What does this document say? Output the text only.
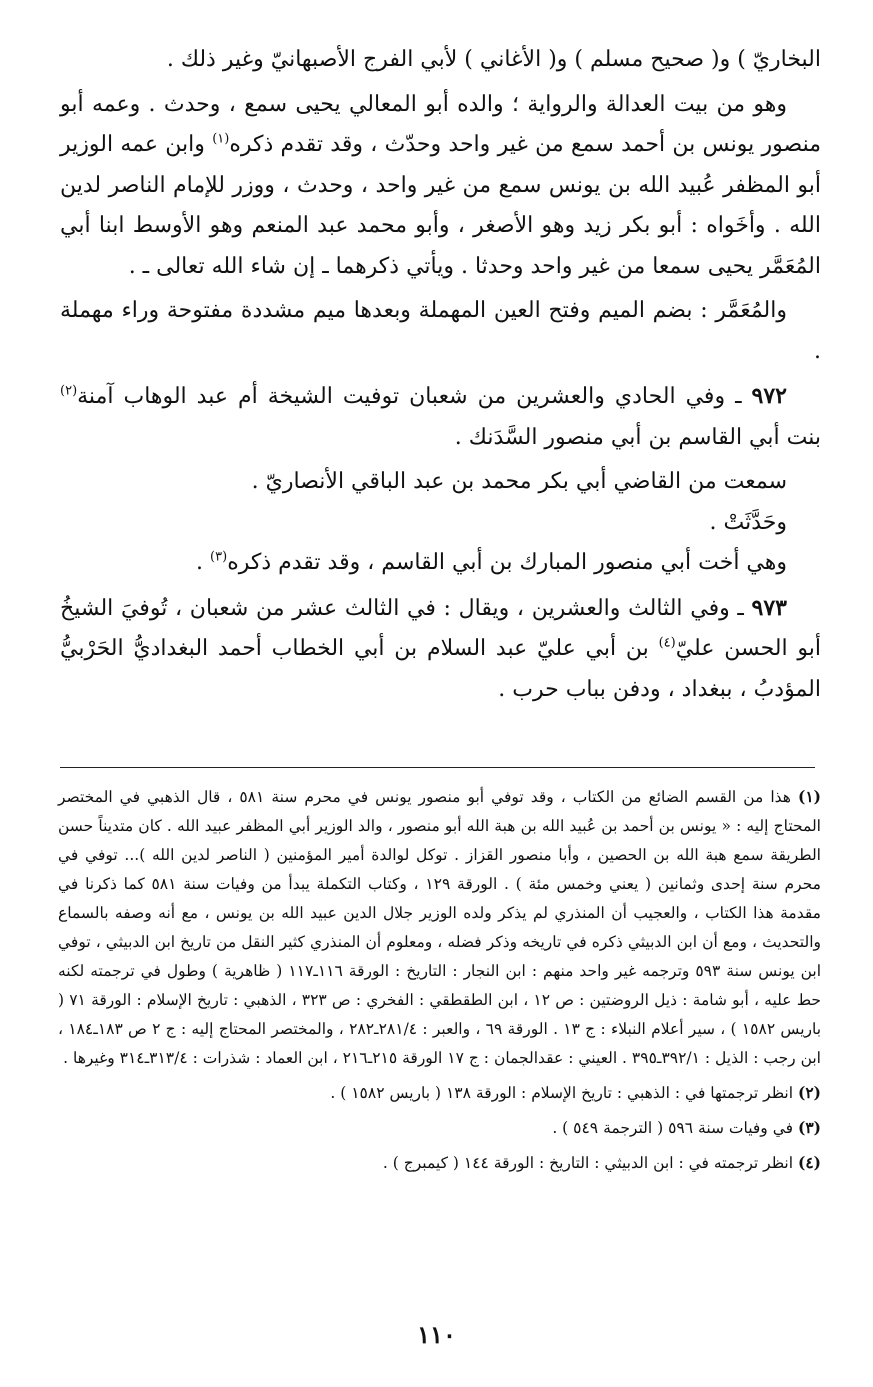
البخاريّ ) و( صحيح مسلم ) و( الأغاني ) لأبي الفرج الأصبهانيّ وغير ذلك .

وهو من بيت العدالة والرواية ؛ والده أبو المعالي يحيى سمع ، وحدث . وعمه أبو منصور يونس بن أحمد سمع من غير واحد وحدّث ، وقد تقدم ذكره$^{(١)}$ وابن عمه الوزير أبو المظفر عُبيد الله بن يونس سمع من غير واحد ، وحدث ، ووزر للإمام الناصر لدين الله . وأخَواه : أبو بكر زيد وهو الأصغر ، وأبو محمد عبد المنعم وهو الأوسط ابنا أبي المُعَمَّر يحيى سمعا من غير واحد وحدثا . ويأتي ذكرهما ـ إن شاء الله تعالى ـ .

والمُعَمَّر : بضم الميم وفتح العين المهملة وبعدها ميم مشددة مفتوحة وراء مهملة .

٩٧٢ ـ وفي الحادي والعشرين من شعبان توفيت الشيخة أم عبد الوهاب آمنة$^{(٢)}$ بنت أبي القاسم بن أبي منصور السَّدَنك .

سمعت من القاضي أبي بكر محمد بن عبد الباقي الأنصاريّ .

وحَدَّثَتْ .

وهي أخت أبي منصور المبارك بن أبي القاسم ، وقد تقدم ذكره$^{(٣)}$ .

٩٧٣ ـ وفي الثالث والعشرين ، ويقال : في الثالث عشر من شعبان ، تُوفيَ الشيخُ أبو الحسن عليّ$^{(٤)}$ بن أبي عليّ عبد السلام بن أبي الخطاب أحمد البغداديُّ الحَرْبيُّ المؤدبُ ، ببغداد ، ودفن بباب حرب .

(١) هذا من القسم الضائع من الكتاب ، وقد توفي أبو منصور يونس في محرم سنة ٥٨١ ، قال الذهبي في المختصر المحتاج إليه : « يونس بن أحمد بن عُبيد الله بن هبة الله أبو منصور ، والد الوزير أبي المظفر عبيد الله . كان متديناً حسن الطريقة سمع هبة الله بن الحصين ، وأبا منصور القزاز . توكل لوالدة أمير المؤمنين ( الناصر لدين الله )... توفي في محرم سنة إحدى وثمانين ( يعني وخمس مئة ) . الورقة ١٢٩ ، وكتاب التكملة يبدأ من وفيات سنة ٥٨١ كما ذكرنا في مقدمة هذا الكتاب ، والعجيب أن المنذري لم يذكر ولده الوزير جلال الدين عبيد الله بن يونس ، مع أنه وصفه بالسماع والتحديث ، ومع أن ابن الدبيثي ذكره في تاريخه وذكر فضله ، ومعلوم أن المنذري كثير النقل من تاريخ ابن الدبيثي ، توفي ابن يونس سنة ٥٩٣ وترجمه غير واحد منهم : ابن النجار : التاريخ : الورقة ١١٦ـ١١٧ ( ظاهرية ) وطول في ترجمته لكنه حط عليه ، أبو شامة : ذيل الروضتين : ص ١٢ ، ابن الطقطقي : الفخري : ص ٣٢٣ ، الذهبي : تاريخ الإسلام : الورقة ٧١ ( باريس ١٥٨٢ ) ، سير أعلام النبلاء : ج ١٣ . الورقة ٦٩ ، والعبر : ٢٨١/٤ـ٢٨٢ ، والمختصر المحتاج إليه : ج ٢ ص ١٨٣ـ١٨٤ ، ابن رجب : الذيل : ٣٩٢/١ـ٣٩٥ . العيني : عقدالجمان : ج ١٧ الورقة ٢١٥ـ٢١٦ ، ابن العماد : شذرات : ٣١٣/٤ـ٣١٤ وغيرها .

(٢) انظر ترجمتها في : الذهبي : تاريخ الإسلام : الورقة ١٣٨ ( باريس ١٥٨٢ ) .

(٣) في وفيات سنة ٥٩٦ ( الترجمة ٥٤٩ ) .

(٤) انظر ترجمته في : ابن الدبيثي : التاريخ : الورقة ١٤٤ ( كيمبرج ) .

١١٠
